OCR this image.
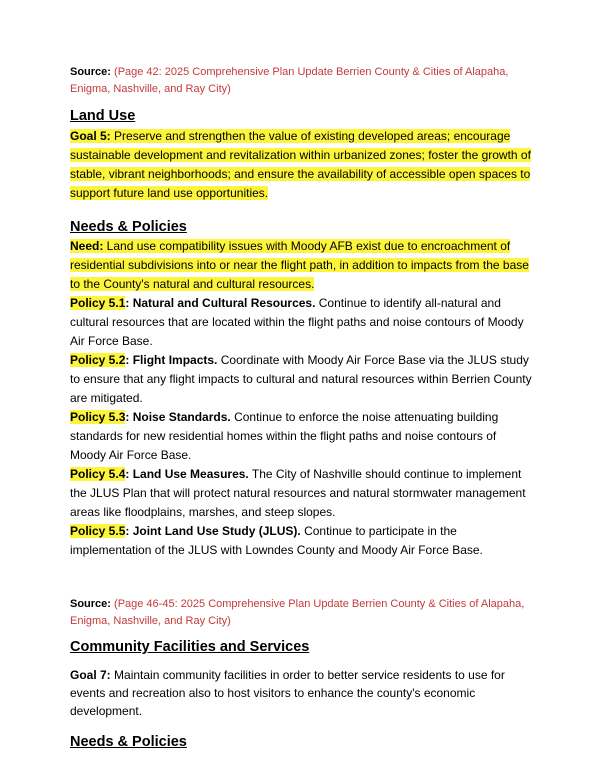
Source: (Page 42: 2025 Comprehensive Plan Update Berrien County & Cities of Alapaha, Enigma, Nashville, and Ray City)

Land Use

Goal 5: Preserve and strengthen the value of existing developed areas; encourage sustainable development and revitalization within urbanized zones; foster the growth of stable, vibrant neighborhoods; and ensure the availability of accessible open spaces to support future land use opportunities.

Needs & Policies

Need: Land use compatibility issues with Moody AFB exist due to encroachment of residential subdivisions into or near the flight path, in addition to impacts from the base to the County's natural and cultural resources.

Policy 5.1: Natural and Cultural Resources. Continue to identify all-natural and cultural resources that are located within the flight paths and noise contours of Moody Air Force Base.

Policy 5.2: Flight Impacts. Coordinate with Moody Air Force Base via the JLUS study to ensure that any flight impacts to cultural and natural resources within Berrien County are mitigated.

Policy 5.3: Noise Standards. Continue to enforce the noise attenuating building standards for new residential homes within the flight paths and noise contours of Moody Air Force Base.

Policy 5.4: Land Use Measures. The City of Nashville should continue to implement the JLUS Plan that will protect natural resources and natural stormwater management areas like floodplains, marshes, and steep slopes.

Policy 5.5: Joint Land Use Study (JLUS). Continue to participate in the implementation of the JLUS with Lowndes County and Moody Air Force Base.

Source: (Page 46-45: 2025 Comprehensive Plan Update Berrien County & Cities of Alapaha, Enigma, Nashville, and Ray City)

Community Facilities and Services

Goal 7: Maintain community facilities in order to better service residents to use for events and recreation also to host visitors to enhance the county's economic development.

Needs & Policies
